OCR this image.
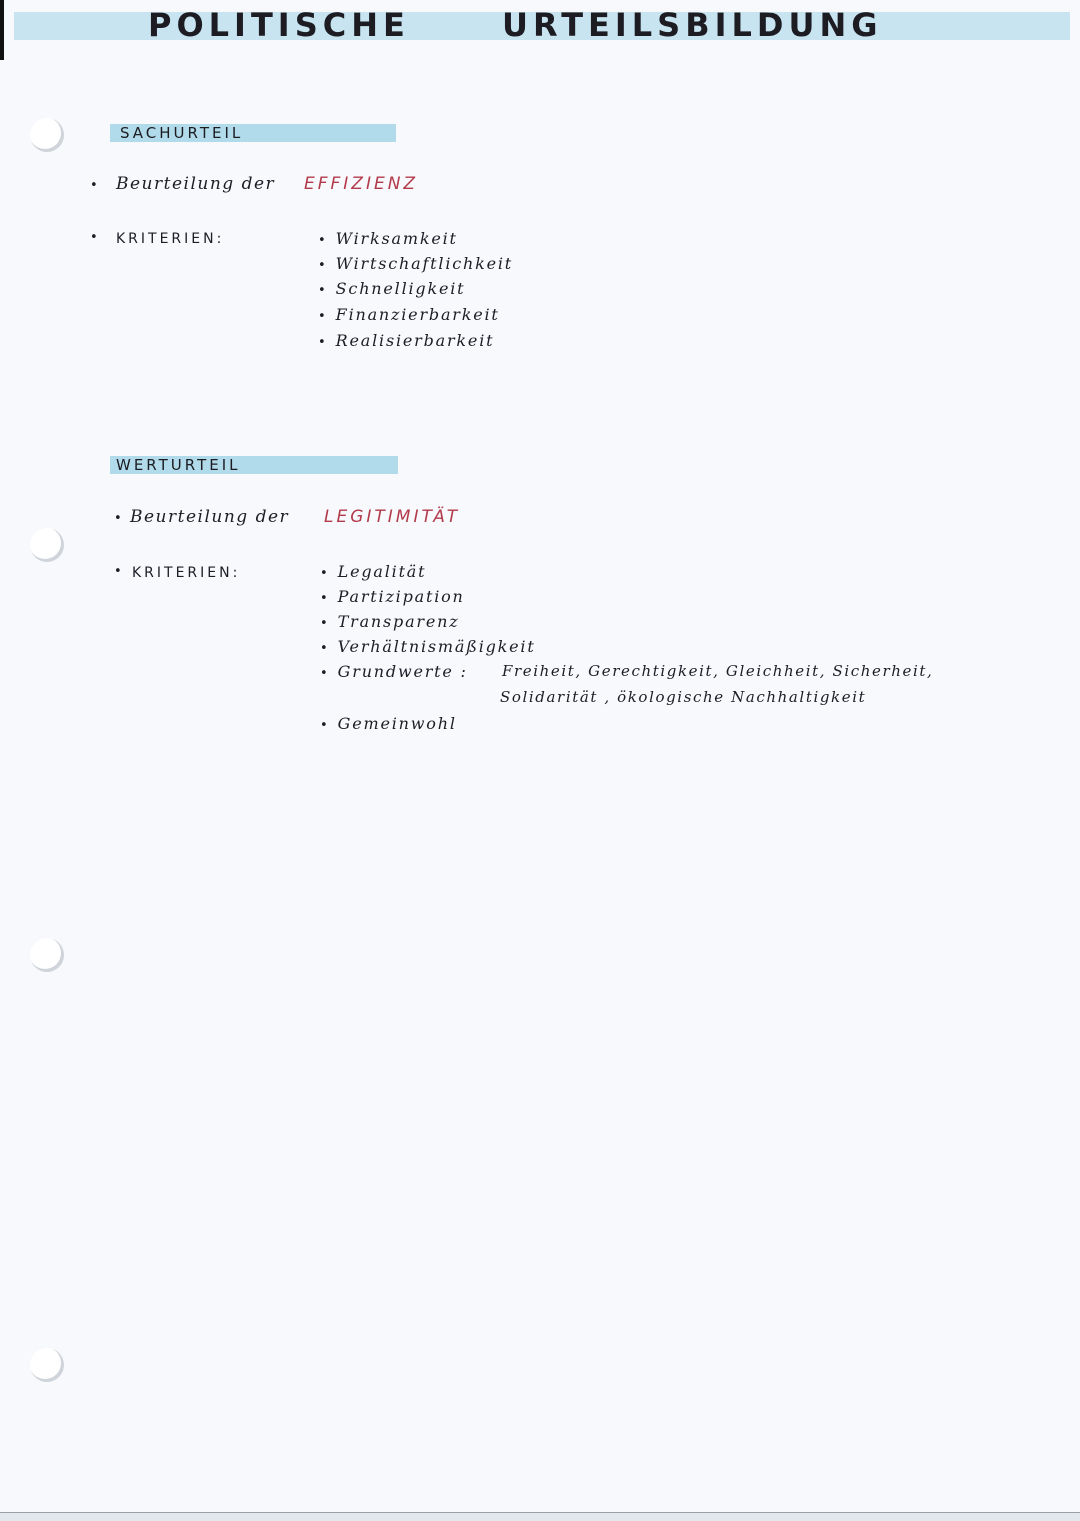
POLITISCHE	URTEILSBILDUNG
SACHURTEIL
• Beurteilung der EFFIZIENZ
• KRITERIEN:	• Wirksamkeit
• Wirtschaftlichkeit
• Schnelligkeit
• Finanzierbarkeit
• Realisierbarkeit
WERTURTEIL
• Beurteilung der LEGITIMITÄT
• KRITERIEN:	• Legalität
• Partizipation
• Transparenz
• Verhältnismäßigkeit
• Grundwerte : Freiheit, Gerechtigkeit, Gleichheit, Sicherheit,
Solidarität , ökologische Nachhaltigkeit
• Gemeinwohl
